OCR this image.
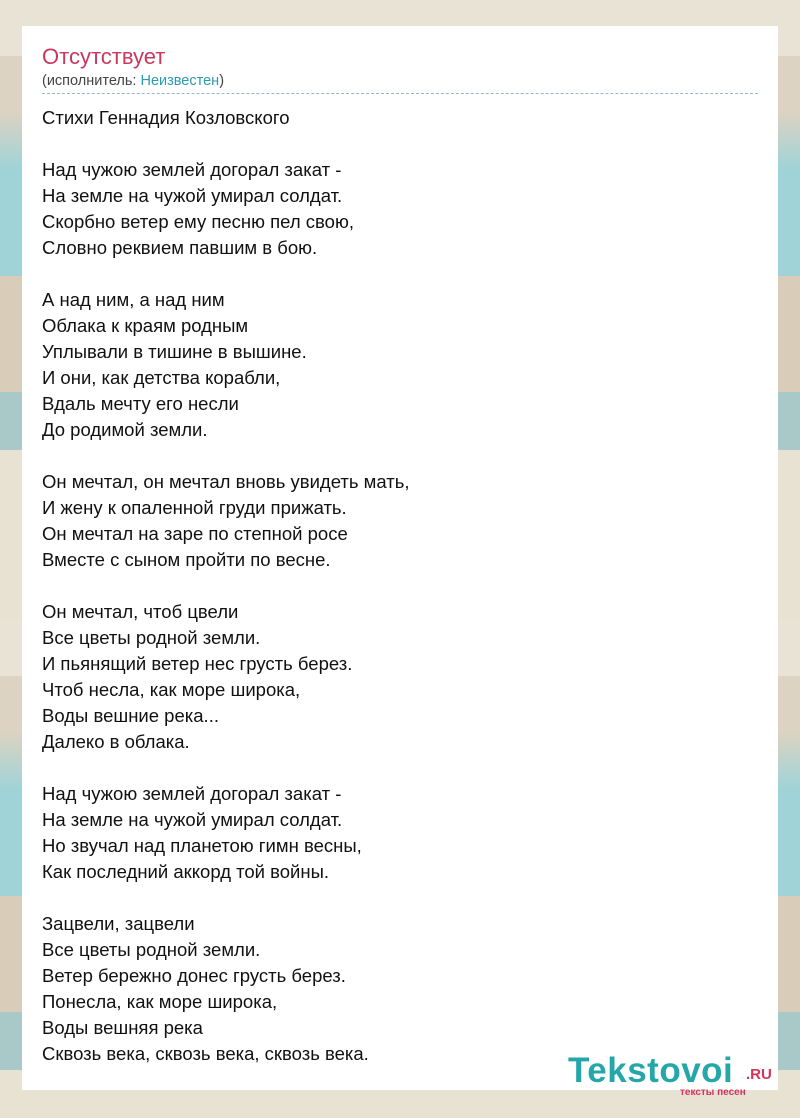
Отсутствует
(исполнитель: Неизвестен)
Стихи Геннадия Козловского
Над чужою землей догорал закат -
На земле на чужой умирал солдат.
Скорбно ветер ему песню пел свою,
Словно реквием павшим в бою.
А над ним, а над ним
Облака к краям родным
Уплывали в тишине в вышине.
И они, как детства корабли,
Вдаль мечту его несли
До родимой земли.
Он мечтал, он мечтал вновь увидеть мать,
И жену к опаленной груди прижать.
Он мечтал на заре по степной росе
Вместе с сыном пройти по весне.
Он мечтал, чтоб цвели
Все цветы родной земли.
И пьянящий ветер нес грусть берез.
Чтоб несла, как море широка,
Воды вешние река...
Далеко в облака.
Над чужою землей догорал закат -
На земле на чужой умирал солдат.
Но звучал над планетою гимн весны,
Как последний аккорд той войны.
Зацвели, зацвели
Все цветы родной земли.
Ветер бережно донес грусть берез.
Понесла, как море широка,
Воды вешняя река
Сквозь века, сквозь века, сквозь века.	Tekstovoi .RU
тексты песен
